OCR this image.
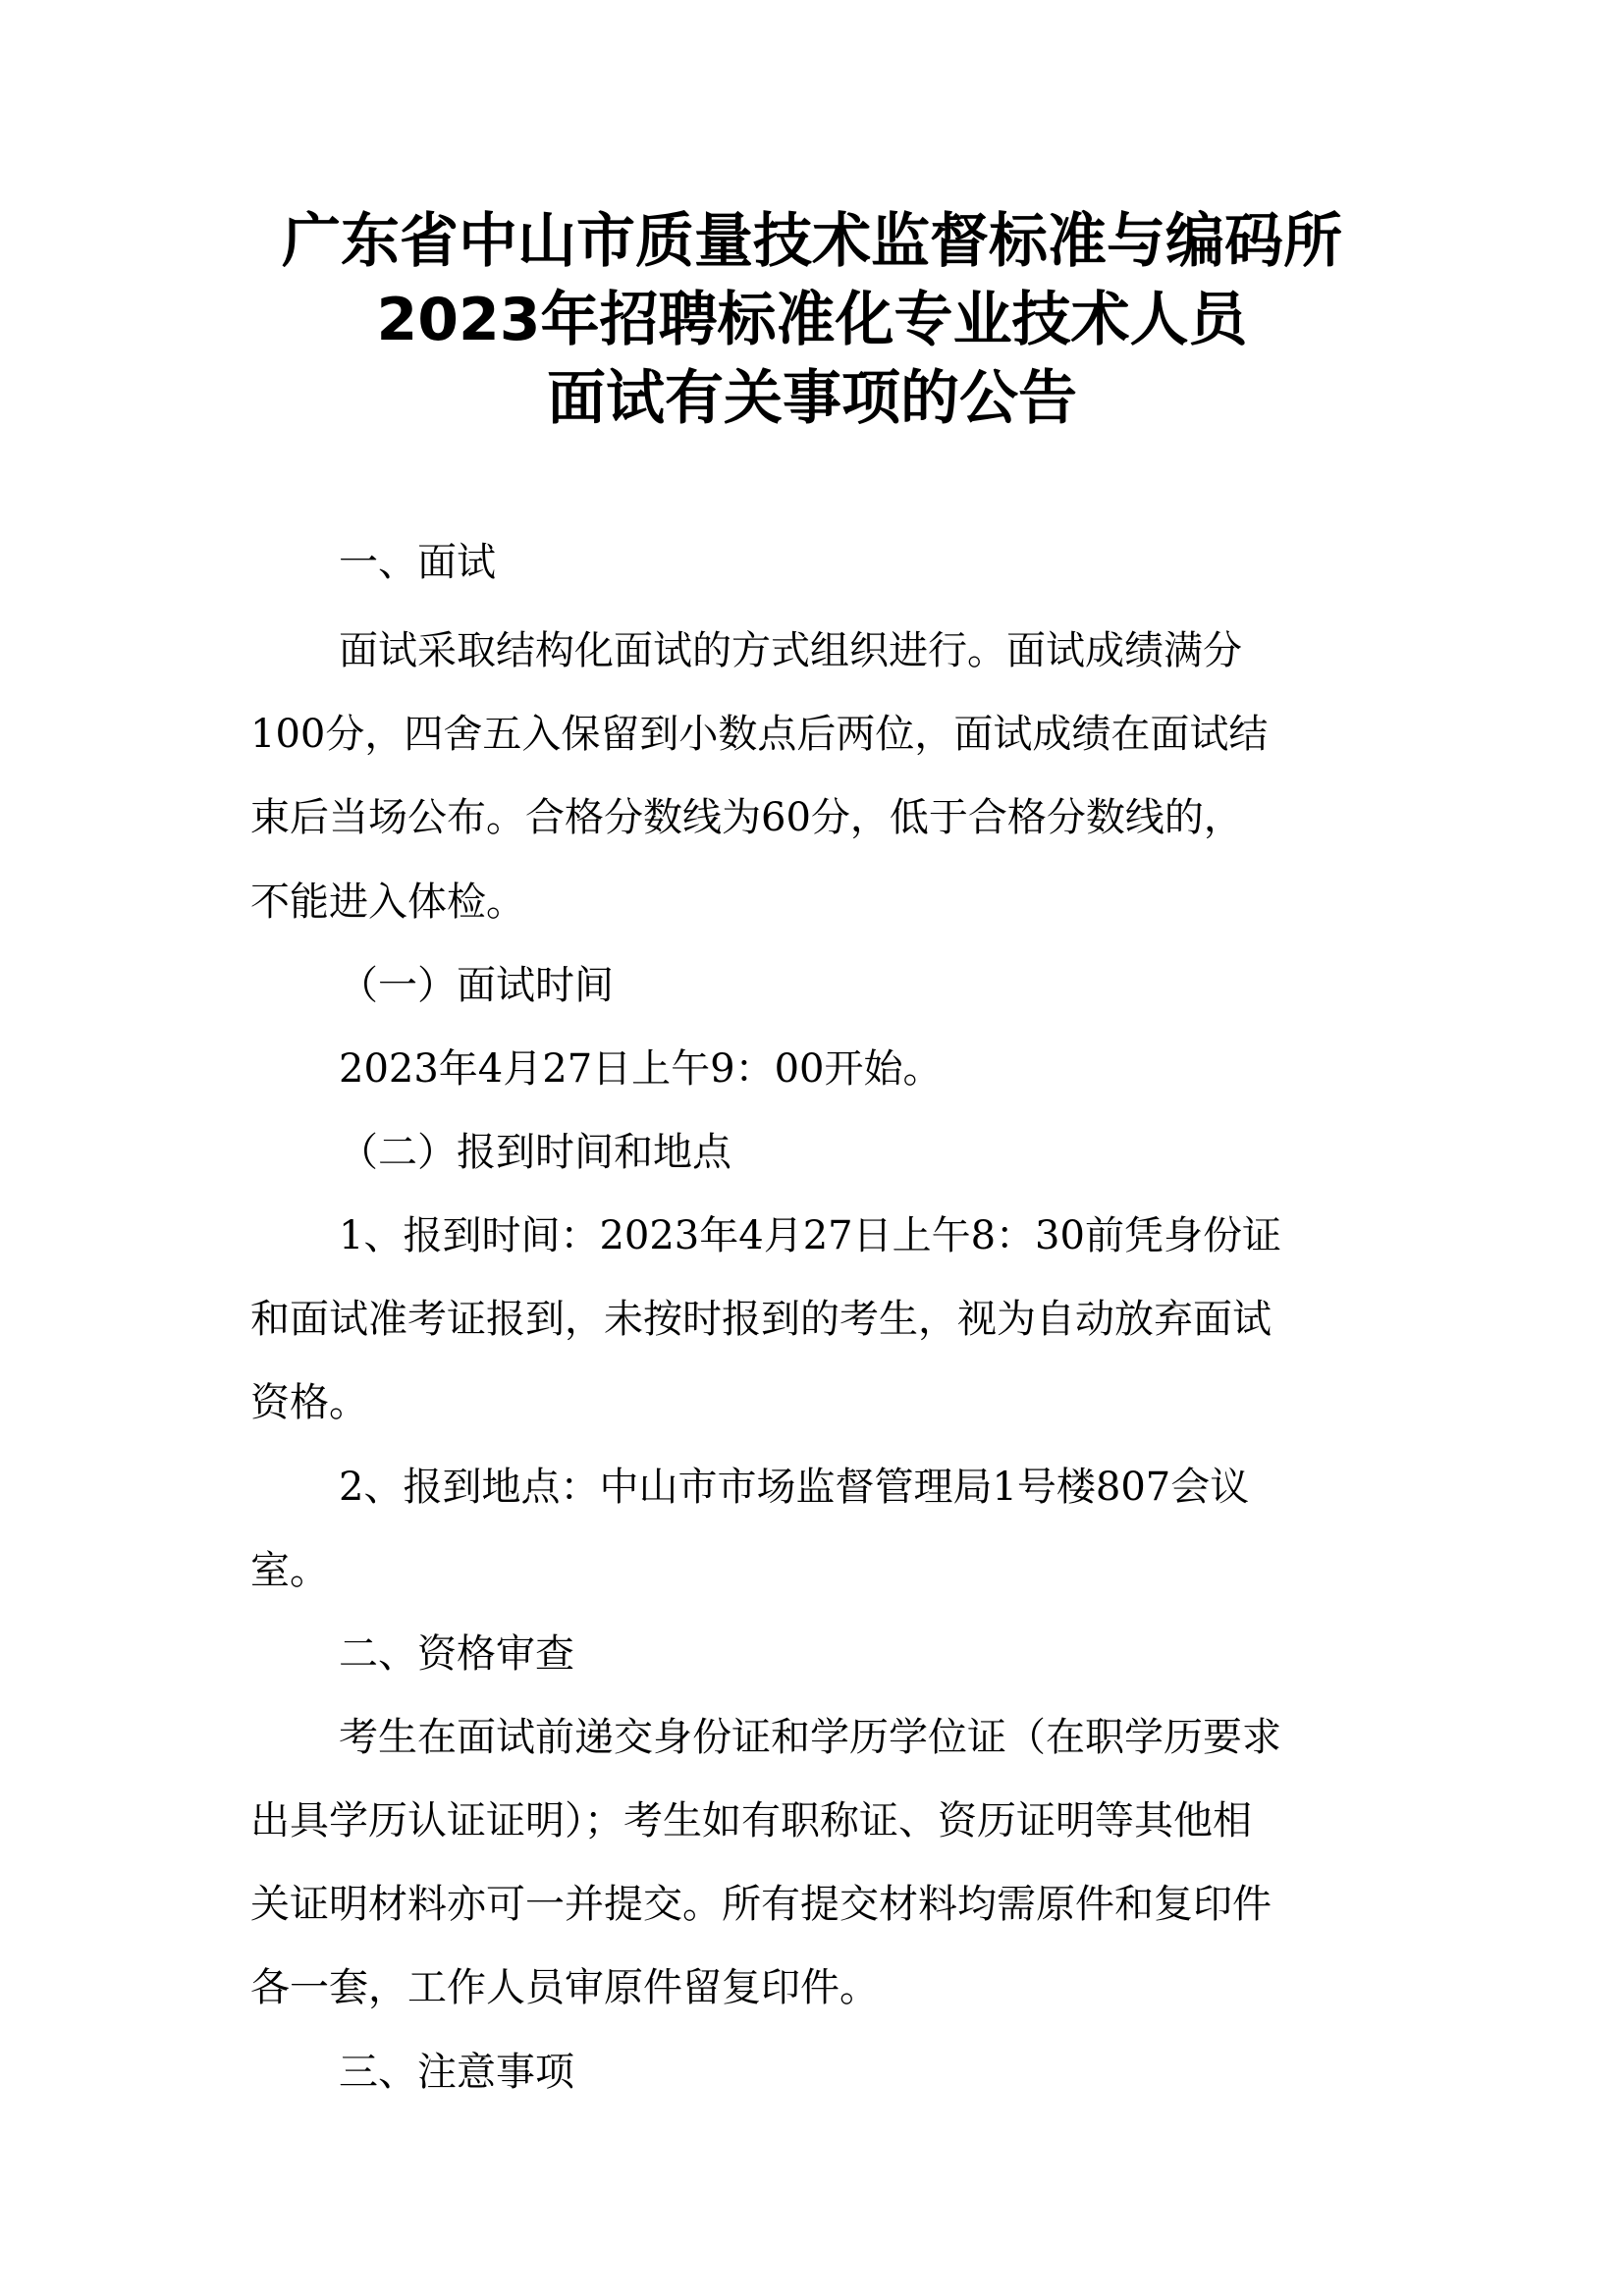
广东省中山市质量技术监督标准与编码所
2023年招聘标准化专业技术人员
面试有关事项的公告
一、面试
面试采取结构化面试的方式组织进行。面试成绩满分
100分，四舍五入保留到小数点后两位，面试成绩在面试结
束后当场公布。合格分数线为60分，低于合格分数线的，
不能进入体检。
（一）面试时间
2023年4月27日上午9：00开始。
（二）报到时间和地点
1、报到时间：2023年4月27日上午8：30前凭身份证
和面试准考证报到，未按时报到的考生，视为自动放弃面试
资格。
2、报到地点：中山市市场监督管理局1号楼807会议
室。
二、资格审查
考生在面试前递交身份证和学历学位证（在职学历要求
出具学历认证证明）；考生如有职称证、资历证明等其他相
关证明材料亦可一并提交。所有提交材料均需原件和复印件
各一套，工作人员审原件留复印件。
三、注意事项
